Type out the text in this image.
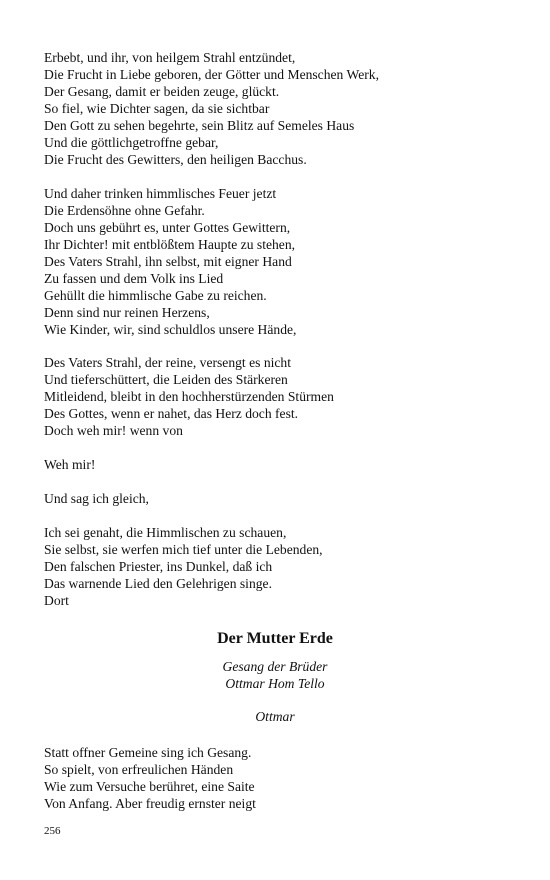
Erbebt, und ihr, von heilgem Strahl entzündet,
Die Frucht in Liebe geboren, der Götter und Menschen Werk,
Der Gesang, damit er beiden zeuge, glückt.
So fiel, wie Dichter sagen, da sie sichtbar
Den Gott zu sehen begehrte, sein Blitz auf Semeles Haus
Und die göttlichgetroffne gebar,
Die Frucht des Gewitters, den heiligen Bacchus.
Und daher trinken himmlisches Feuer jetzt
Die Erdensöhne ohne Gefahr.
Doch uns gebührt es, unter Gottes Gewittern,
Ihr Dichter! mit entblößtem Haupte zu stehen,
Des Vaters Strahl, ihn selbst, mit eigner Hand
Zu fassen und dem Volk ins Lied
Gehüllt die himmlische Gabe zu reichen.
Denn sind nur reinen Herzens,
Wie Kinder, wir, sind schuldlos unsere Hände,
Des Vaters Strahl, der reine, versengt es nicht
Und tieferschüttert, die Leiden des Stärkeren
Mitleidend, bleibt in den hochherstürzenden Stürmen
Des Gottes, wenn er nahet, das Herz doch fest.
Doch weh mir! wenn von
Weh mir!
Und sag ich gleich,
Ich sei genaht, die Himmlischen zu schauen,
Sie selbst, sie werfen mich tief unter die Lebenden,
Den falschen Priester, ins Dunkel, daß ich
Das warnende Lied den Gelehrigen singe.
Dort
Der Mutter Erde
Gesang der Brüder
Ottmar Hom Tello
Ottmar
Statt offner Gemeine sing ich Gesang.
So spielt, von erfreulichen Händen
Wie zum Versuche berühret, eine Saite
Von Anfang. Aber freudig ernster neigt
256
